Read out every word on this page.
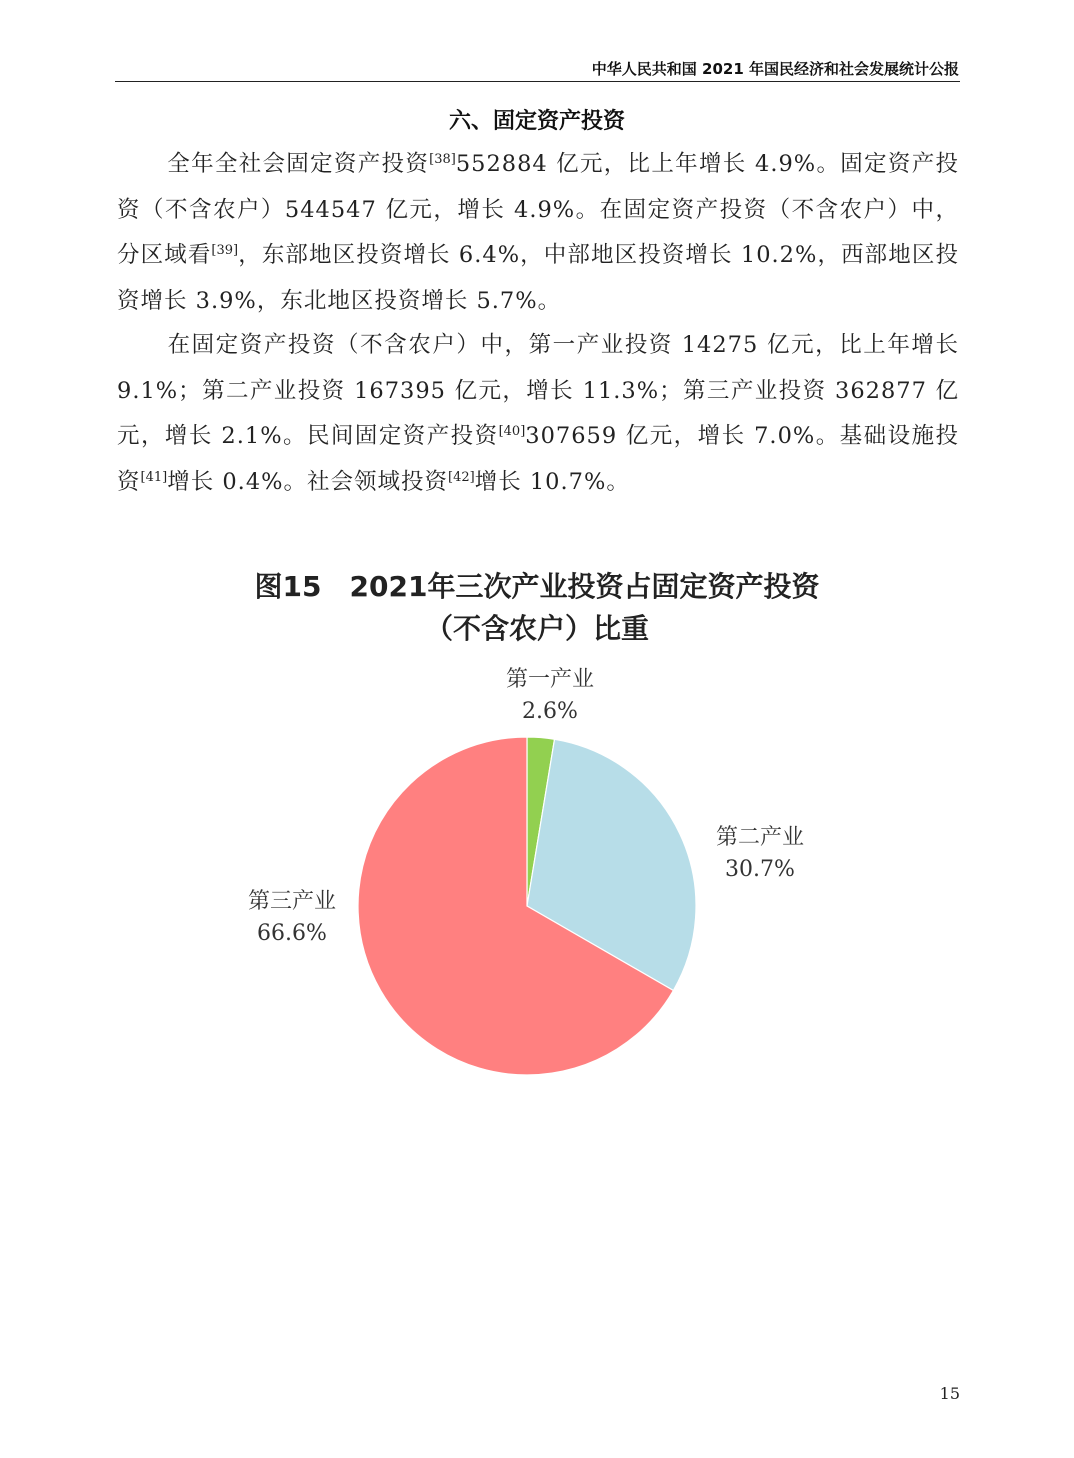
中华人民共和国 2021 年国民经济和社会发展统计公报
六、固定资产投资
全年全社会固定资产投资[38]552884 亿元，比上年增长 4.9%。固定资产投资（不含农户）544547 亿元，增长 4.9%。在固定资产投资（不含农户）中，分区域看[39]，东部地区投资增长 6.4%，中部地区投资增长 10.2%，西部地区投资增长 3.9%，东北地区投资增长 5.7%。
在固定资产投资（不含农户）中，第一产业投资 14275 亿元，比上年增长 9.1%；第二产业投资 167395 亿元，增长 11.3%；第三产业投资 362877 亿元，增长 2.1%。民间固定资产投资[40]307659 亿元，增长 7.0%。基础设施投资[41]增长 0.4%。社会领域投资[42]增长 10.7%。
图15 2021年三次产业投资占固定资产投资
（不含农户）比重
第一产业
2.6%
第二产业
30.7%
第三产业
66.6%
15
